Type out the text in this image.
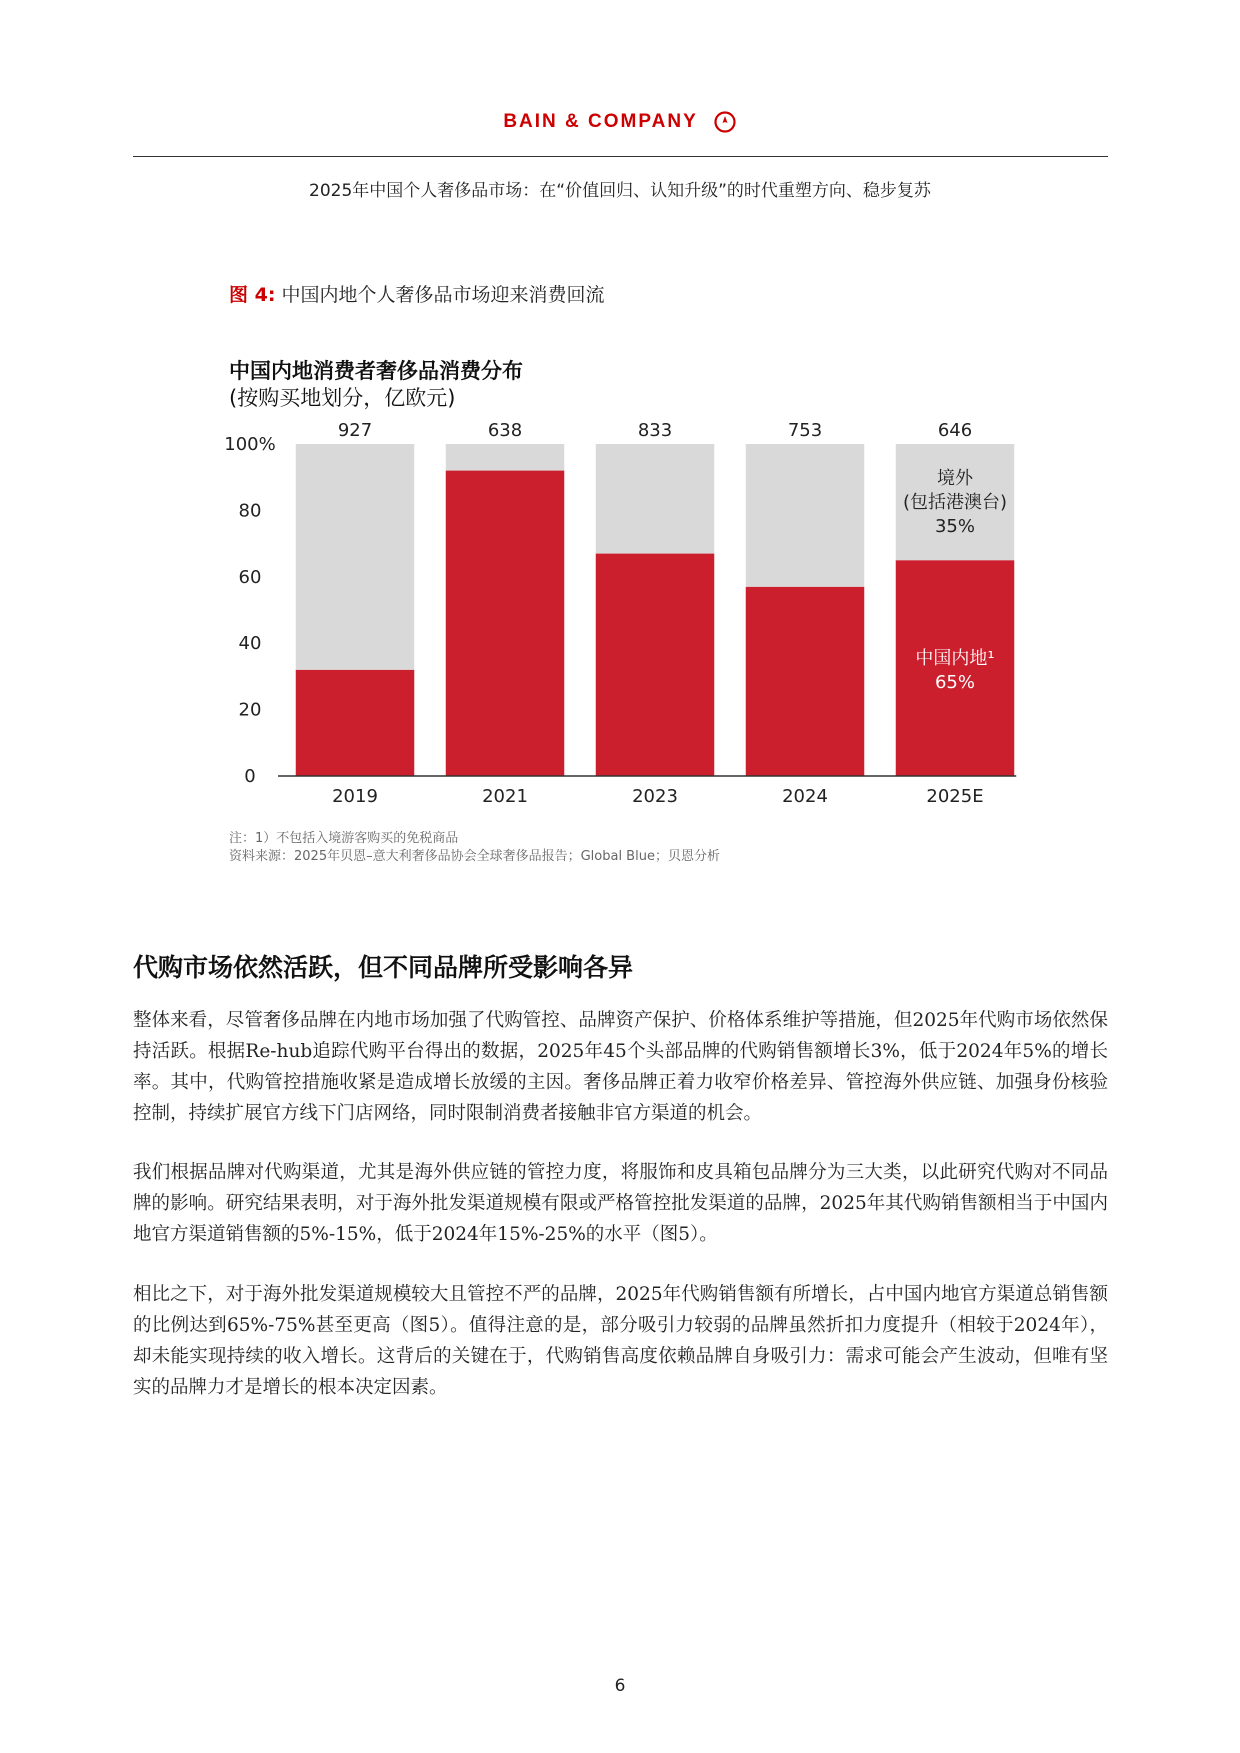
BAIN & COMPANY
2025年中国个人奢侈品市场：在“价值回归、认知升级”的时代重塑方向、稳步复苏
图 4: 中国内地个人奢侈品市场迎来消费回流
中国内地消费者奢侈品消费分布
(按购买地划分，亿欧元)
0
20
40
60
80
100%
927
2019
638
2021
833
2023
753
2024
646
2025E
境外
(包括港澳台)
35%
中国内地¹
65%
注：1）不包括入境游客购买的免税商品
资料来源：2025年贝恩–意大利奢侈品协会全球奢侈品报告；Global Blue；贝恩分析
代购市场依然活跃，但不同品牌所受影响各异

整体来看，尽管奢侈品牌在内地市场加强了代购管控、品牌资产保护、价格体系维护等措施，但2025年代购市场依然保持活跃。根据Re-hub追踪代购平台得出的数据，2025年45个头部品牌的代购销售额增长3%，低于2024年5%的增长率。其中，代购管控措施收紧是造成增长放缓的主因。奢侈品牌正着力收窄价格差异、管控海外供应链、加强身份核验控制，持续扩展官方线下门店网络，同时限制消费者接触非官方渠道的机会。

我们根据品牌对代购渠道，尤其是海外供应链的管控力度，将服饰和皮具箱包品牌分为三大类，以此研究代购对不同品牌的影响。研究结果表明，对于海外批发渠道规模有限或严格管控批发渠道的品牌，2025年其代购销售额相当于中国内地官方渠道销售额的5%-15%，低于2024年15%-25%的水平（图5）。

相比之下，对于海外批发渠道规模较大且管控不严的品牌，2025年代购销售额有所增长，占中国内地官方渠道总销售额的比例达到65%-75%甚至更高（图5）。值得注意的是，部分吸引力较弱的品牌虽然折扣力度提升（相较于2024年），却未能实现持续的收入增长。这背后的关键在于，代购销售高度依赖品牌自身吸引力：需求可能会产生波动，但唯有坚实的品牌力才是增长的根本决定因素。

6
